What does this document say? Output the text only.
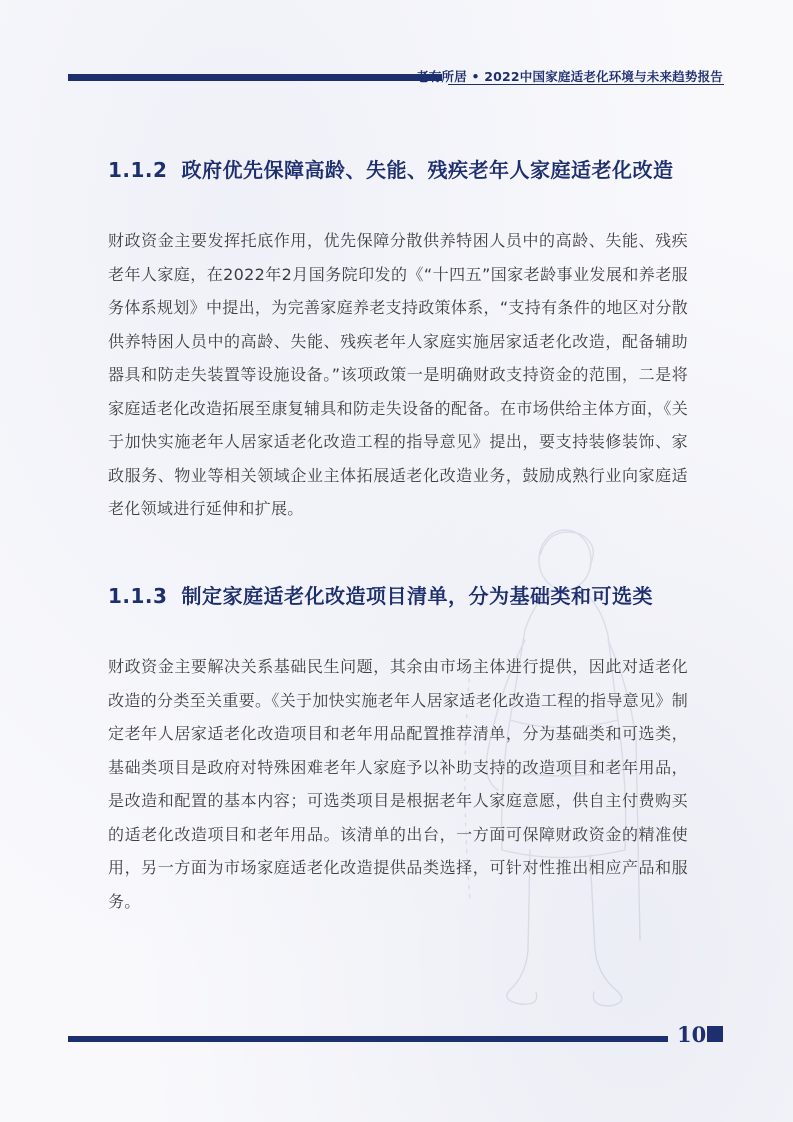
老有所居 • 2022中国家庭适老化环境与未来趋势报告
1.1.2 政府优先保障高龄、失能、残疾老年人家庭适老化改造

财政资金主要发挥托底作用，优先保障分散供养特困人员中的高龄、失能、残疾老年人家庭，在2022年2月国务院印发的《“十四五”国家老龄事业发展和养老服务体系规划》中提出，为完善家庭养老支持政策体系，“支持有条件的地区对分散供养特困人员中的高龄、失能、残疾老年人家庭实施居家适老化改造，配备辅助器具和防走失装置等设施设备。”该项政策一是明确财政支持资金的范围，二是将家庭适老化改造拓展至康复辅具和防走失设备的配备。在市场供给主体方面，《关于加快实施老年人居家适老化改造工程的指导意见》提出，要支持装修装饰、家政服务、物业等相关领域企业主体拓展适老化改造业务，鼓励成熟行业向家庭适老化领域进行延伸和扩展。

1.1.3 制定家庭适老化改造项目清单，分为基础类和可选类

财政资金主要解决关系基础民生问题，其余由市场主体进行提供，因此对适老化改造的分类至关重要。《关于加快实施老年人居家适老化改造工程的指导意见》制定老年人居家适老化改造项目和老年用品配置推荐清单，分为基础类和可选类，基础类项目是政府对特殊困难老年人家庭予以补助支持的改造项目和老年用品，是改造和配置的基本内容；可选类项目是根据老年人家庭意愿，供自主付费购买的适老化改造项目和老年用品。该清单的出台，一方面可保障财政资金的精准使用，另一方面为市场家庭适老化改造提供品类选择，可针对性推出相应产品和服务。

10
